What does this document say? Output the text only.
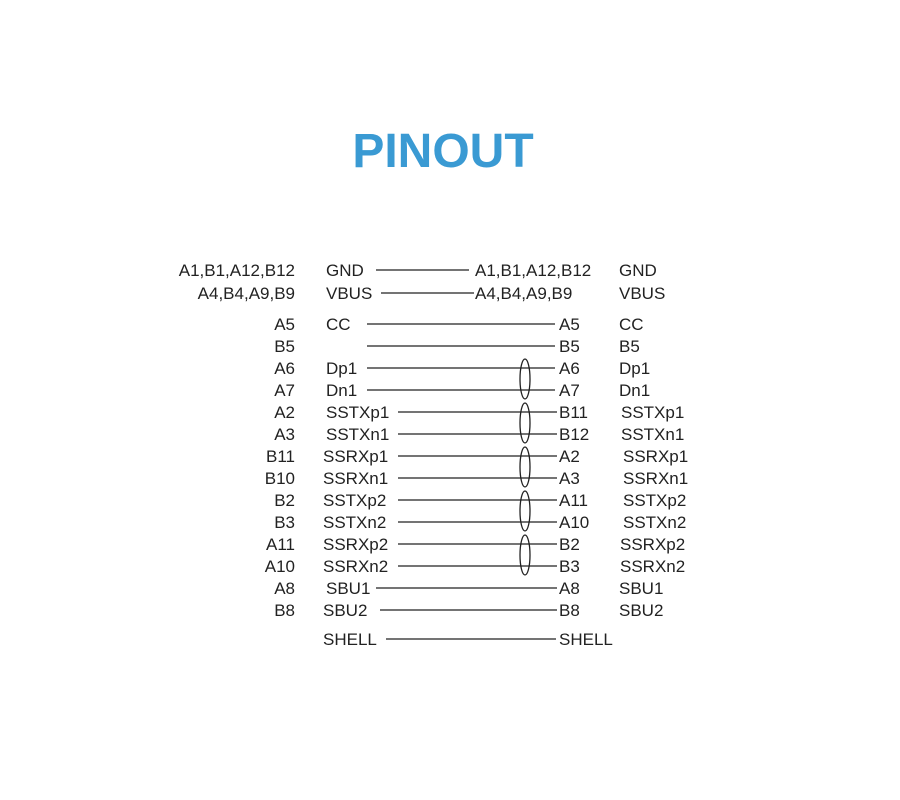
PINOUT
A1,B1,A12,B12 GND	A1,B1,A12,B12 GND
A4,B4,A9,B9 VBUS	A4,B4,A9,B9	VBUS
A5 CC	A5 CC
B5	B5 B5
A6 Dp1	A6 Dp1
A7 Dn1	A7 Dn1
A2 SSTXp1	B11 SSTXp1
A3 SSTXn1	B12 SSTXn1
B11 SSRXp1	A2	SSRXp1
B10 SSRXn1	A3	SSRXn1
B2 SSTXp2	A11 SSTXp2
B3 SSTXn2	A10 SSTXn2
A11 SSRXp2	B2 SSRXp2
A10 SSRXn2	B3 SSRXn2
A8 SBU1	A8 SBU1
B8 SBU2	B8 SBU2
SHELL	SHELL
